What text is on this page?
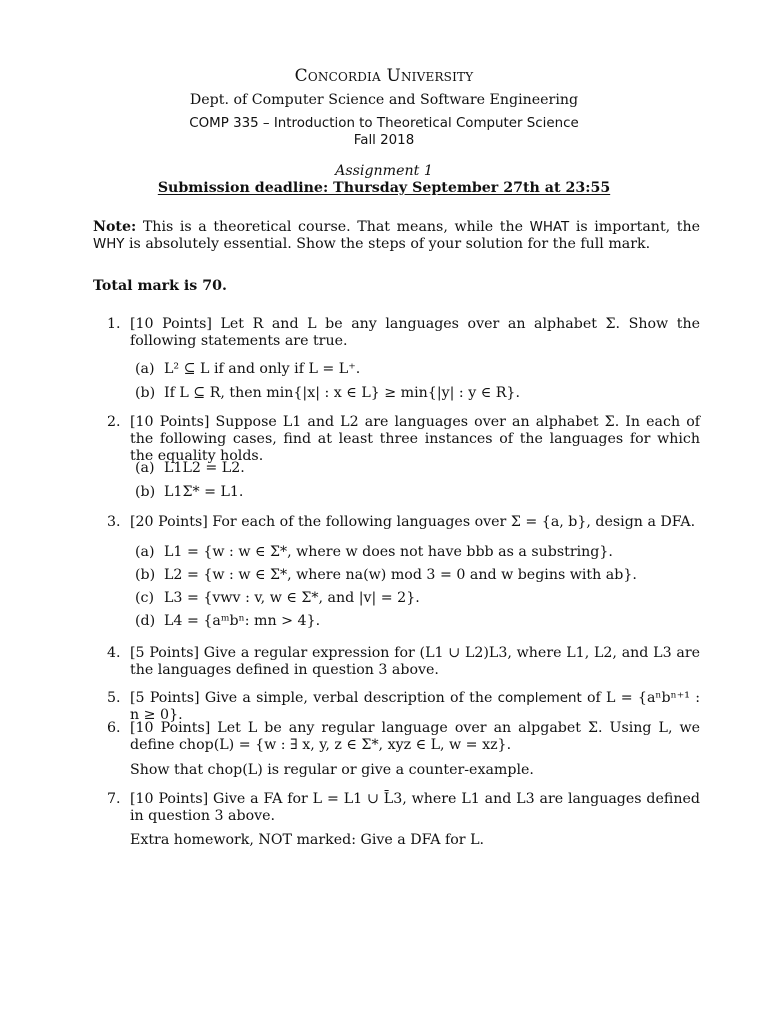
Concordia University
Dept. of Computer Science and Software Engineering
COMP 335 – Introduction to Theoretical Computer Science
Fall 2018
Assignment 1
Submission deadline: Thursday September 27th at 23:55
Note: This is a theoretical course. That means, while the WHAT is important, the WHY is absolutely essential. Show the steps of your solution for the full mark.
Total mark is 70.
1. [10 Points] Let R and L be any languages over an alphabet Σ. Show the following statements are true.
(a) L² ⊆ L if and only if L = L⁺.
(b) If L ⊆ R, then min{|x| : x ∈ L} ≥ min{|y| : y ∈ R}.
2. [10 Points] Suppose L1 and L2 are languages over an alphabet Σ. In each of the following cases, find at least three instances of the languages for which the equality holds.
(a) L1L2 = L2.
(b) L1Σ* = L1.
3. [20 Points] For each of the following languages over Σ = {a, b}, design a DFA.
(a) L1 = {w : w ∈ Σ*, where w does not have bbb as a substring}.
(b) L2 = {w : w ∈ Σ*, where na(w) mod 3 = 0 and w begins with ab}.
(c) L3 = {vwv : v, w ∈ Σ*, and |v| = 2}.
(d) L4 = {aᵐbⁿ: mn > 4}.
4. [5 Points] Give a regular expression for (L1 ∪ L2)L3, where L1, L2, and L3 are the languages defined in question 3 above.
5. [5 Points] Give a simple, verbal description of the complement of L = {aⁿbⁿ⁺¹ : n ≥ 0}.
6. [10 Points] Let L be any regular language over an alpgabet Σ. Using L, we define chop(L) = {w : ∃ x, y, z ∈ Σ*, xyz ∈ L, w = xz}.
Show that chop(L) is regular or give a counter-example.
7. [10 Points] Give a FA for L = L1 ∪ L̄3, where L1 and L3 are languages defined in question 3 above.
Extra homework, NOT marked: Give a DFA for L.
